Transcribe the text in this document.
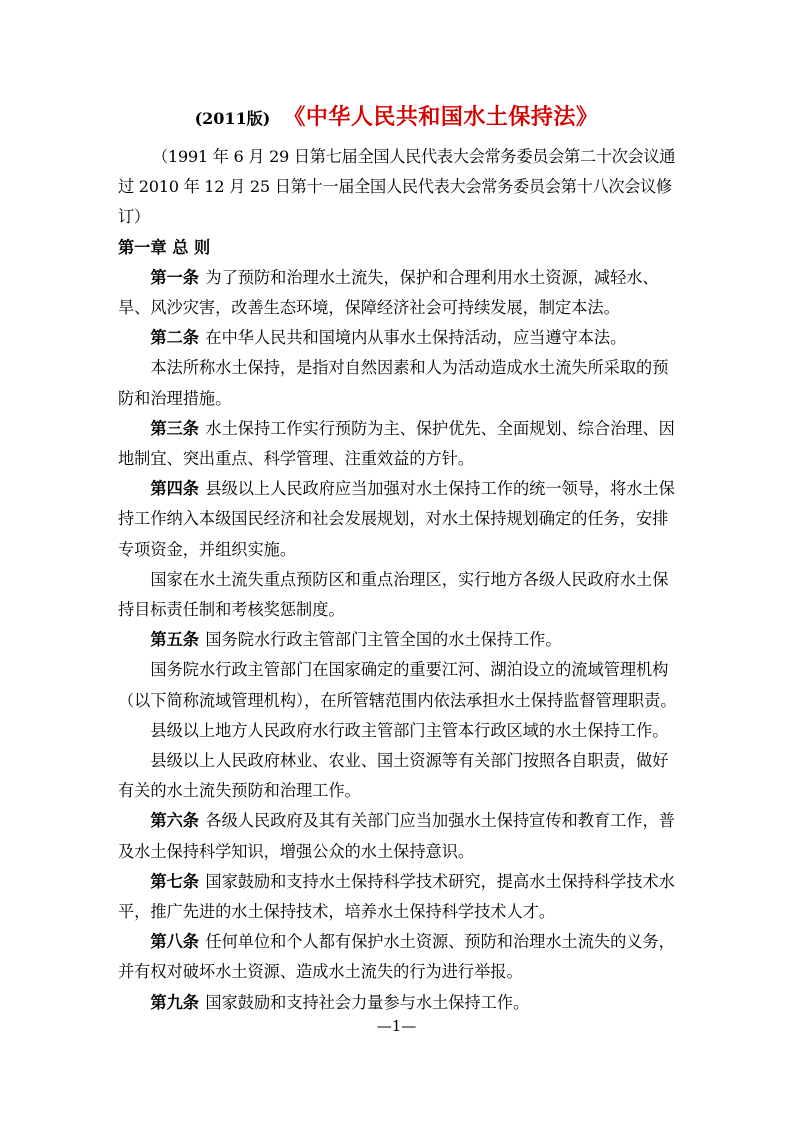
(2011版) 《中华人民共和国水土保持法》

（1991 年 6 月 29 日第七届全国人民代表大会常务委员会第二十次会议通过 2010 年 12 月 25 日第十一届全国人民代表大会常务委员会第十八次会议修订）

第一章 总 则

第一条 为了预防和治理水土流失，保护和合理利用水土资源，减轻水、旱、风沙灾害，改善生态环境，保障经济社会可持续发展，制定本法。

第二条 在中华人民共和国境内从事水土保持活动，应当遵守本法。

本法所称水土保持，是指对自然因素和人为活动造成水土流失所采取的预防和治理措施。

第三条 水土保持工作实行预防为主、保护优先、全面规划、综合治理、因地制宜、突出重点、科学管理、注重效益的方针。

第四条 县级以上人民政府应当加强对水土保持工作的统一领导，将水土保持工作纳入本级国民经济和社会发展规划，对水土保持规划确定的任务，安排专项资金，并组织实施。

国家在水土流失重点预防区和重点治理区，实行地方各级人民政府水土保持目标责任制和考核奖惩制度。

第五条 国务院水行政主管部门主管全国的水土保持工作。

国务院水行政主管部门在国家确定的重要江河、湖泊设立的流域管理机构（以下简称流域管理机构），在所管辖范围内依法承担水土保持监督管理职责。

县级以上地方人民政府水行政主管部门主管本行政区域的水土保持工作。

县级以上人民政府林业、农业、国土资源等有关部门按照各自职责，做好有关的水土流失预防和治理工作。

第六条 各级人民政府及其有关部门应当加强水土保持宣传和教育工作，普及水土保持科学知识，增强公众的水土保持意识。

第七条 国家鼓励和支持水土保持科学技术研究，提高水土保持科学技术水平，推广先进的水土保持技术，培养水土保持科学技术人才。

第八条 任何单位和个人都有保护水土资源、预防和治理水土流失的义务，并有权对破坏水土资源、造成水土流失的行为进行举报。

第九条 国家鼓励和支持社会力量参与水土保持工作。

—1—
